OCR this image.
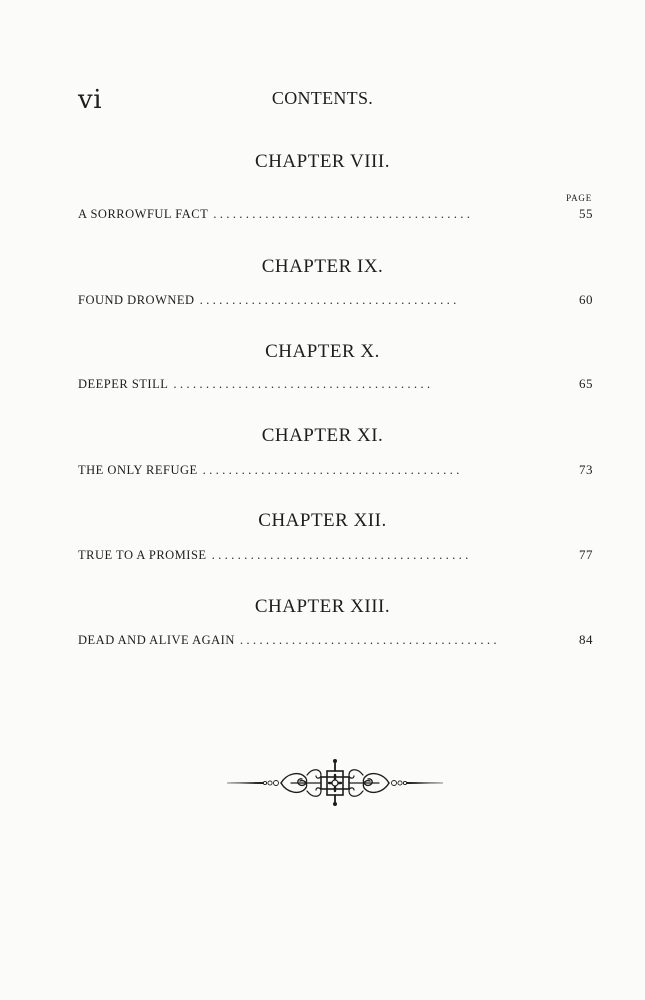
vi	CONTENTS.
PAGE
CHAPTER VIII.
A SORROWFUL FACT . . . . . . . . . . . . . . . . . . . . . . . . . . . . . . . . . . . . . . . .	55
CHAPTER IX.
FOUND DROWNED . . . . . . . . . . . . . . . . . . . . . . . . . . . . . . . . . . . . . . . .	60
CHAPTER X.
DEEPER STILL . . . . . . . . . . . . . . . . . . . . . . . . . . . . . . . . . . . . . . . .	65
CHAPTER XI.
THE ONLY REFUGE . . . . . . . . . . . . . . . . . . . . . . . . . . . . . . . . . . . . . . . .	73
CHAPTER XII.
TRUE TO A PROMISE . . . . . . . . . . . . . . . . . . . . . . . . . . . . . . . . . . . . . . . .	77
CHAPTER XIII.
DEAD AND ALIVE AGAIN . . . . . . . . . . . . . . . . . . . . . . . . . . . . . . . . . . . . . . . .	84
